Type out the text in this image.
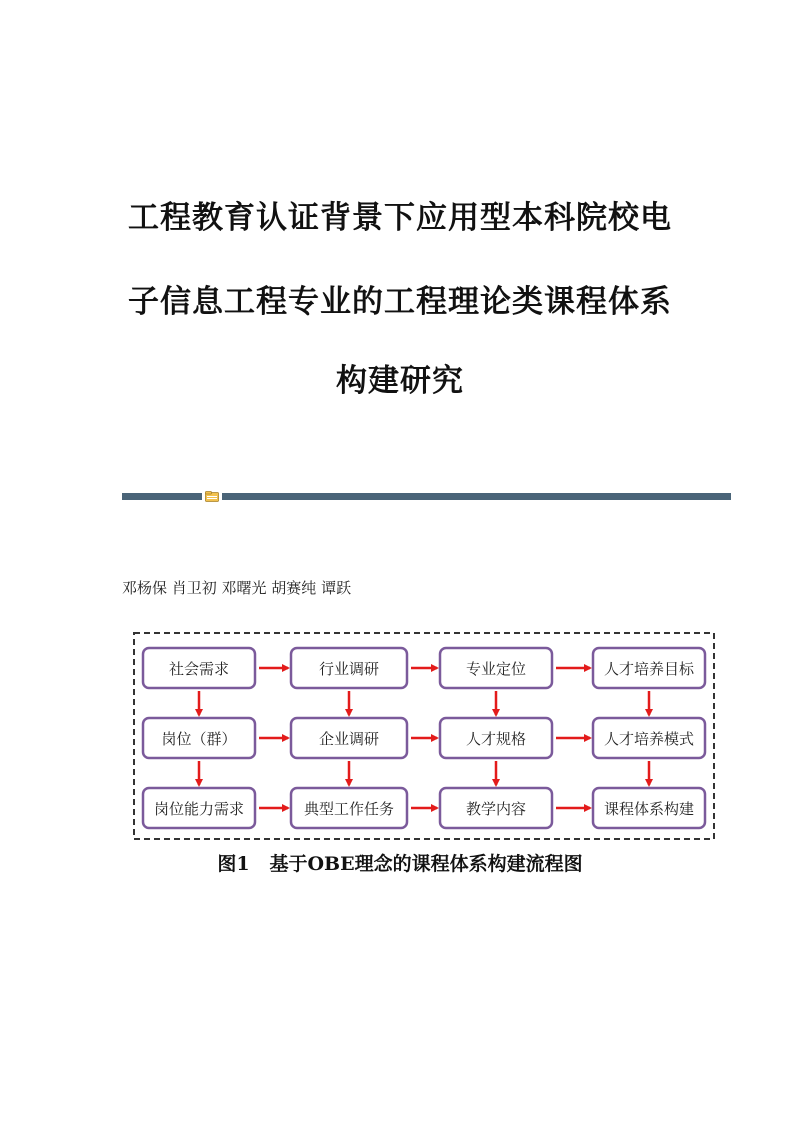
工程教育认证背景下应用型本科院校电
子信息工程专业的工程理论类课程体系
构建研究
邓杨保 肖卫初 邓曙光 胡赛纯 谭跃
社会需求	行业调研	专业定位	人才培养目标
岗位（群）	企业调研	人才规格	人才培养模式
岗位能力需求	典型工作任务	教学内容	课程体系构建
图1 基于OBE理念的课程体系构建流程图
